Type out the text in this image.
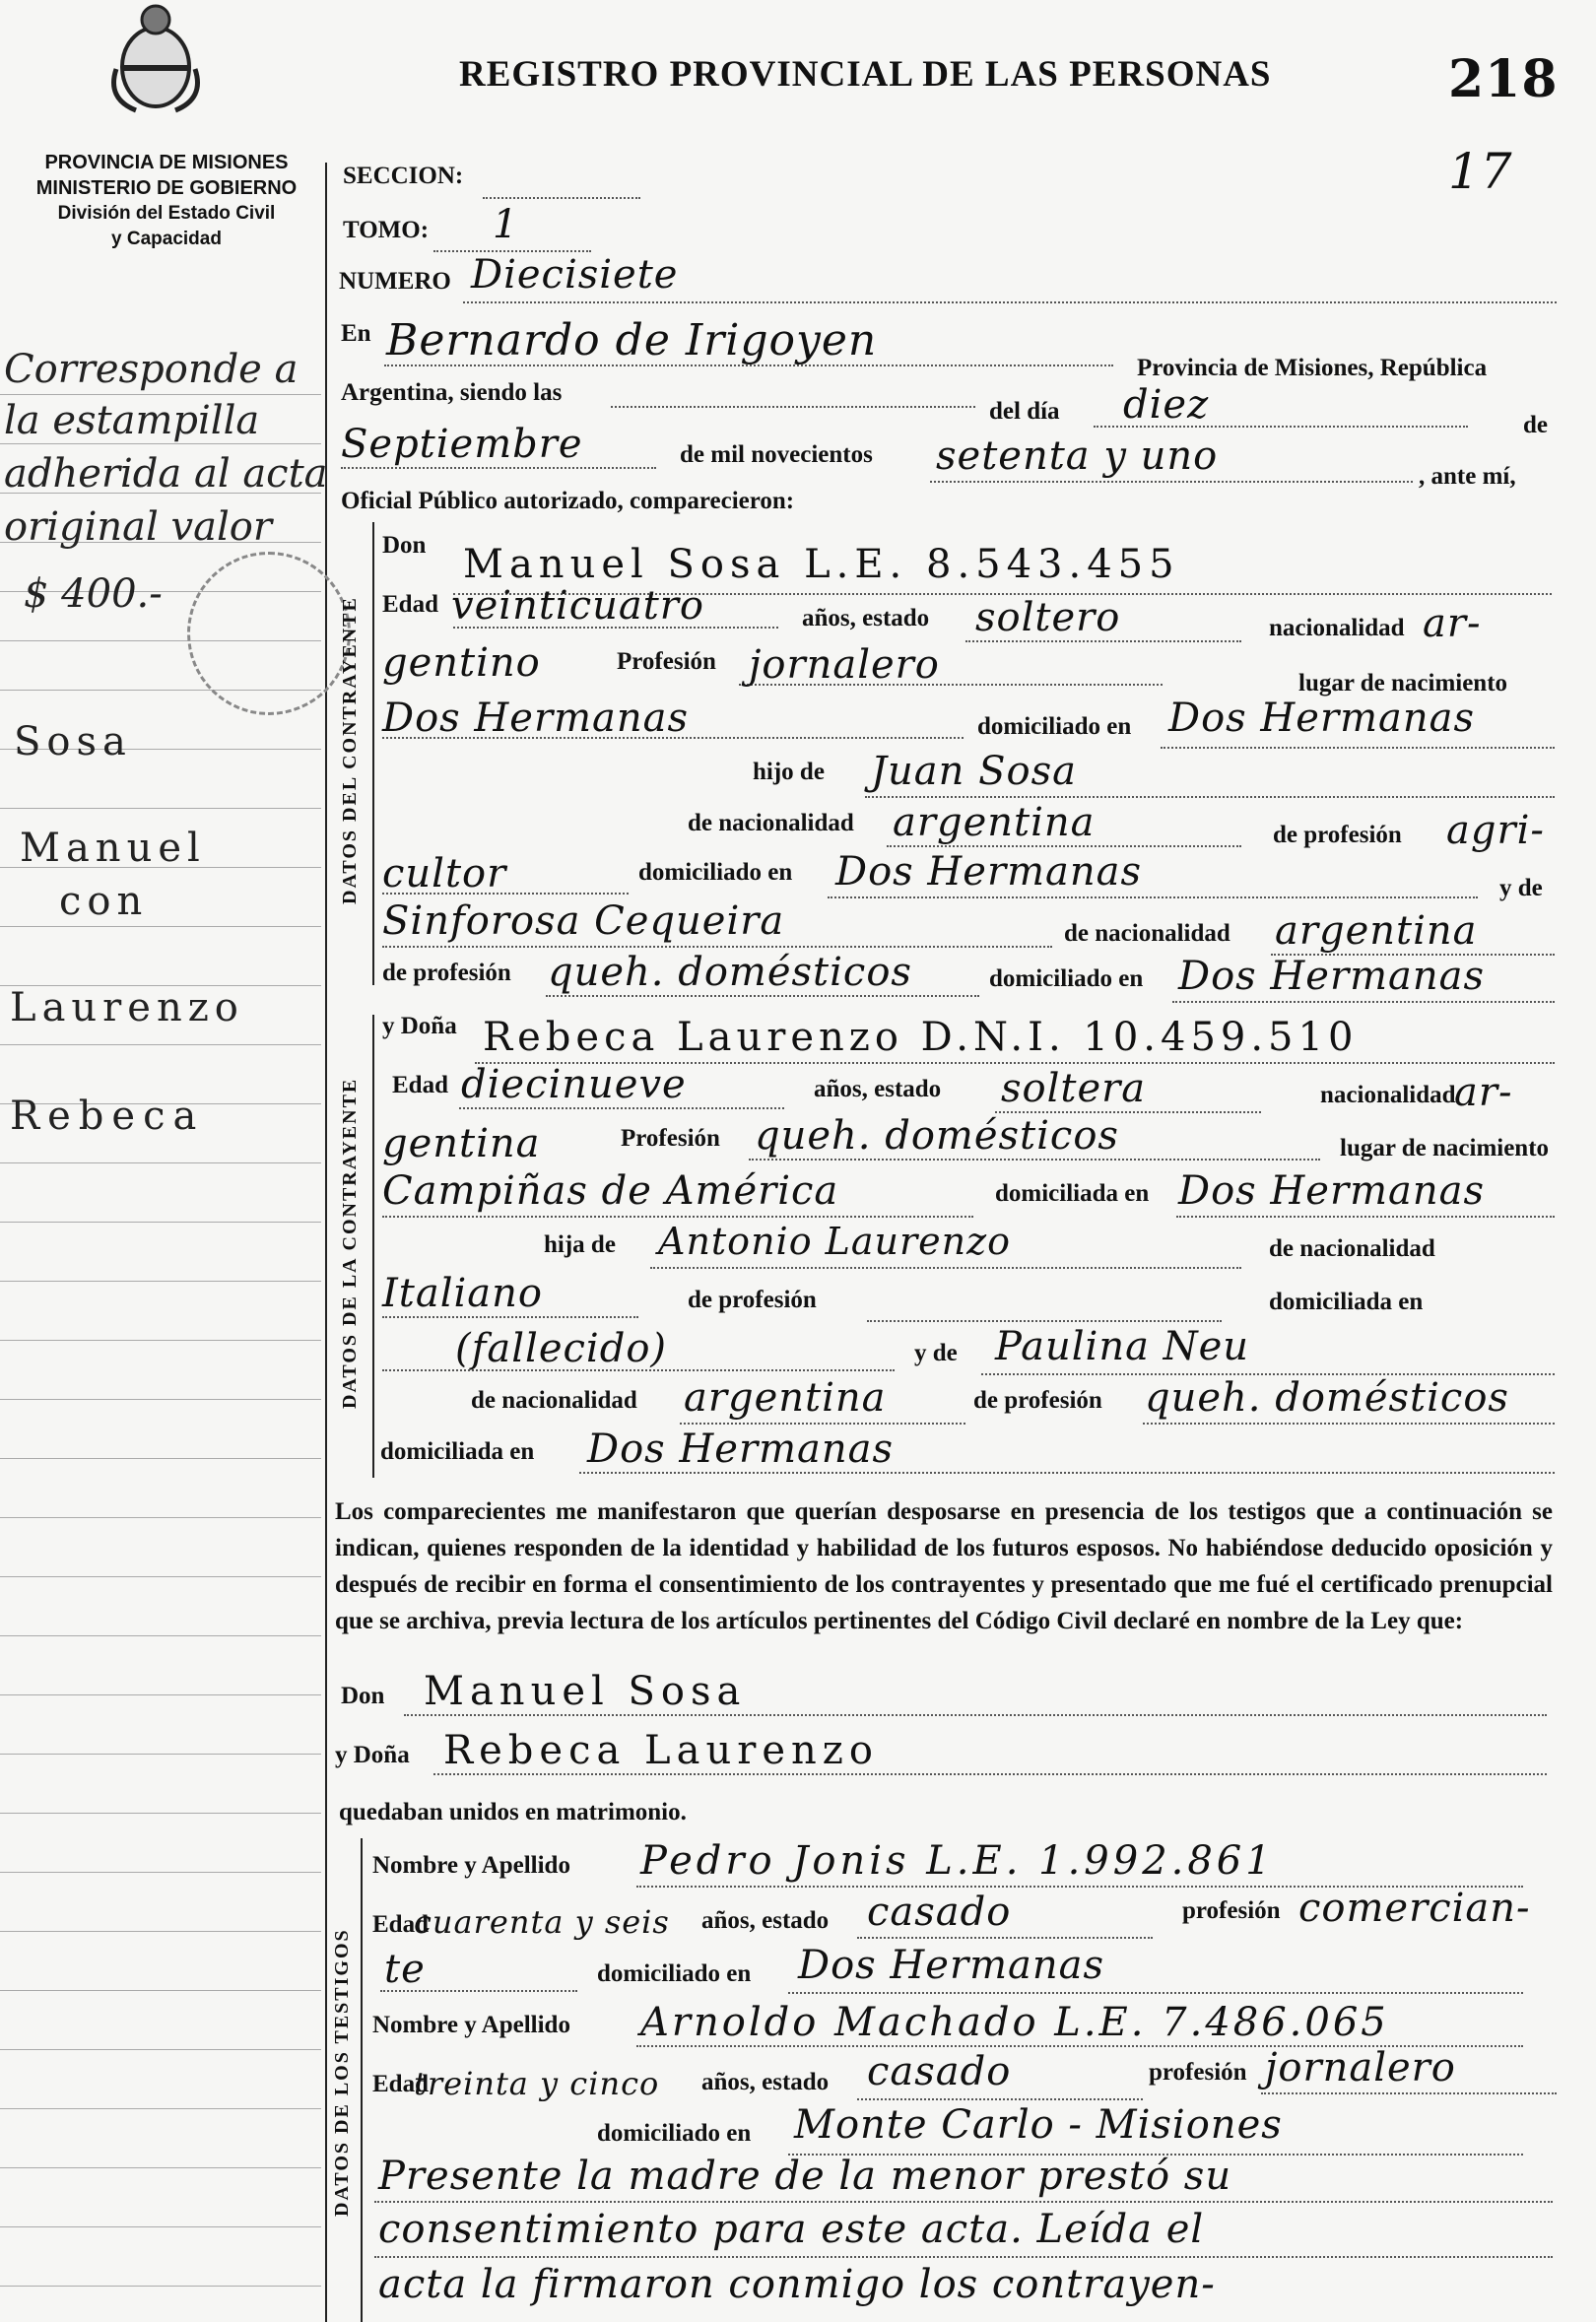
PROVINCIA DE MISIONES
MINISTERIO DE GOBIERNO
División del Estado Civil
y Capacidad
REGISTRO PROVINCIAL DE LAS PERSONAS	218
17
Corresponde a
la estampilla
adherida al acta
original valor
$ 400.-
Sosa
Manuel
con
Laurenzo
Rebeca
SECCION:
TOMO: 1
NUMERO Diecisiete
En Bernardo de Irigoyen
Provincia de Misiones, República
Argentina, siendo las
del día diez	de
Septiembre	de mil novecientos setenta y uno	, ante mí,
Oficial Público autorizado, comparecieron:
DATOS DEL CONTRAYENTE
Don Manuel Sosa L.E. 8.543.455
Edad veinticuatro	años, estado soltero	nacionalidad ar-
gentino	Profesión jornalero	lugar de nacimiento
Dos Hermanas	domiciliado en Dos Hermanas
hijo de Juan Sosa
de nacionalidad argentina	de profesión agri-
cultor	domiciliado en Dos Hermanas	y de
Sinforosa Cequeira	de nacionalidad argentina
de profesión queh. domésticos	domiciliado en Dos Hermanas
DATOS DE LA CONTRAYENTE
y Doña Rebeca Laurenzo D.N.I. 10.459.510
Edad diecinueve	años, estado soltera	nacionalidad
ar-
gentina	Profesión queh. domésticos	lugar de nacimiento
Campiñas de América	domiciliada en Dos Hermanas
hija de Antonio Laurenzo	de nacionalidad
Italiano	de profesión	domiciliada en
(fallecido)	y de Paulina Neu
de nacionalidad argentina	de profesión queh. domésticos
domiciliada en Dos Hermanas
Los comparecientes me manifestaron que querían desposarse en presencia de los testigos que a continuación se indican, quienes responden de la identidad y habilidad de los futuros esposos. No habiéndose deducido oposición y después de recibir en forma el consentimiento de los contrayentes y presentado que me fué el certificado prenupcial que se archiva, previa lectura de los artículos pertinentes del Código Civil declaré en nombre de la Ley que:
Don Manuel Sosa
y Doña Rebeca Laurenzo
quedaban unidos en matrimonio.
DATOS DE LOS TESTIGOS
Nombre y Apellido Pedro Jonis L.E. 1.992.861
Edad
cuarenta y seis años, estado casado	profesión comercian-
te	domiciliado en Dos Hermanas
Nombre y Apellido Arnoldo Machado L.E. 7.486.065
Edad
treinta y cinco años, estado casado	profesión jornalero
domiciliado en Monte Carlo - Misiones
Presente la madre de la menor prestó su
consentimiento para este acta. Leída el
acta la firmaron conmigo los contrayen-
